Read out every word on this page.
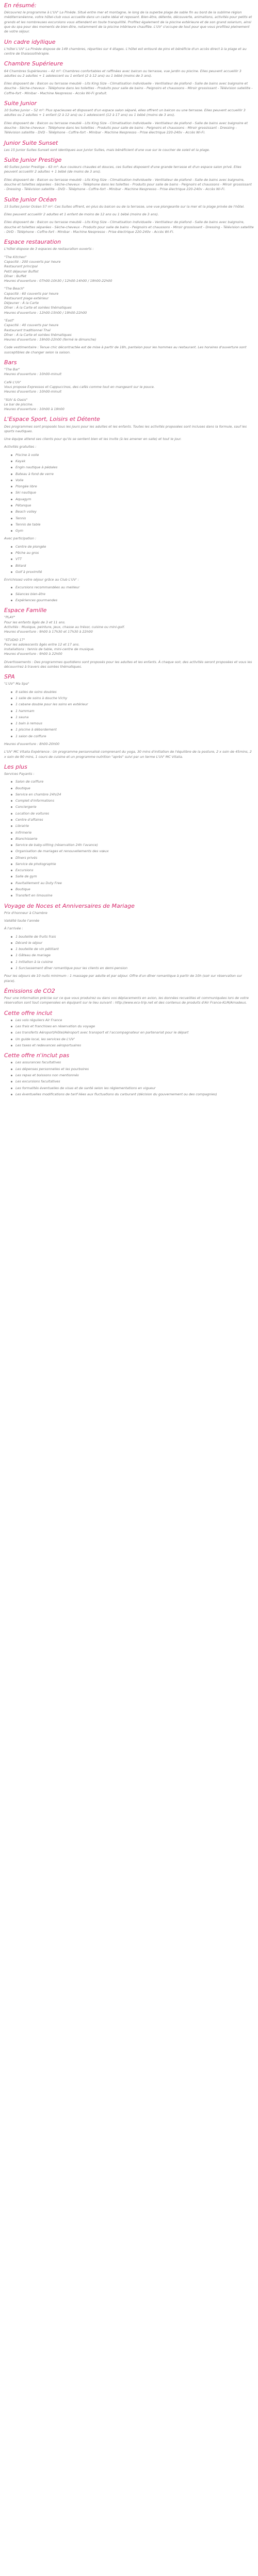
En résumé:
Découvrez le programme à L'UV' La Pinède. Situé entre mer et montagne, le long de la superbe plage de sable fin au bord de la sublime région méditerranéenne, votre hôtel-club vous accueille dans un cadre idéal et reposant. Bien-être, détente, découverte, animations, activités pour petits et grands et les nombreuses excursions vous attendent en toute tranquillité. Profitez également de la piscine extérieure et de son grand solarium, ainsi que du spa pour des moments de bien-être, notamment de la piscine intérieure chauffée. L'UV' s'occupe de tout pour que vous profitiez pleinement de votre séjour.
Un cadre idyllique
L'hôtel L'UV' La Pinède dispose de 149 chambres, réparties sur 4 étages. L'hôtel est entouré de pins et bénéficie d'un accès direct à la plage et au centre de thalassothérapie.
Chambre Supérieure
64 Chambres Supérieures – 42 m²: Chambres confortables et raffinées avec balcon ou terrasse, vue jardin ou piscine. Elles peuvent accueillir 3 adultes ou 2 adultes + 1 adolescent ou 1 enfant (2 à 12 ans) ou 1 bébé (moins de 3 ans).
Elles disposent de : Balcon ou terrasse meublé - Lits King Size - Climatisation individuelle - Ventilateur de plafond - Salle de bains avec baignoire et douche - Sèche-cheveux - Téléphone dans les toilettes - Produits pour salle de bains - Peignoirs et chaussons - Miroir grossissant - Télévision satellite - Coffre-fort - Minibar - Machine Nespresso - Accès Wi-Fi gratuit.
Suite Junior
10 Suites Junior – 52 m²: Plus spacieuses et disposant d'un espace salon séparé, elles offrent un balcon ou une terrasse. Elles peuvent accueillir 3 adultes ou 2 adultes + 1 enfant (2 à 12 ans) ou 1 adolescent (12 à 17 ans) ou 1 bébé (moins de 3 ans).
Elles disposent de : Balcon ou terrasse meublé - Lits King Size - Climatisation individuelle - Ventilateur de plafond - Salle de bains avec baignoire et douche - Sèche-cheveux - Téléphone dans les toilettes - Produits pour salle de bains - Peignoirs et chaussons - Miroir grossissant - Dressing - Télévision satellite - DVD - Téléphone - Coffre-fort - Minibar - Machine Nespresso - Prise électrique 220-240v - Accès Wi-Fi.
Junior Suite Sunset
Les 15 Junior Suites Sunset sont identiques aux Junior Suites, mais bénéficient d'une vue sur le coucher de soleil et la plage.
Suite Junior Prestige
40 Suites Junior Prestige – 63 m²: Aux couleurs chaudes et douces, ces Suites disposent d'une grande terrasse et d'un espace salon privé. Elles peuvent accueillir 2 adultes + 1 bébé (de moins de 3 ans).
Elles disposent de : Balcon ou terrasse meublé - Lits King Size - Climatisation individuelle - Ventilateur de plafond - Salle de bains avec baignoire, douche et toilettes séparées - Sèche-cheveux - Téléphone dans les toilettes - Produits pour salle de bains - Peignoirs et chaussons - Miroir grossissant - Dressing - Télévision satellite - DVD - Téléphone - Coffre-fort - Minibar - Machine Nespresso - Prise électrique 220-240v - Accès Wi-Fi.
Suite Junior Océan
15 Suites Junior Océan 57 m²: Ces Suites offrent, en plus du balcon ou de la terrasse, une vue plongeante sur la mer et la plage privée de l'hôtel.
Elles peuvent accueillir 2 adultes et 1 enfant de moins de 12 ans ou 1 bébé (moins de 3 ans).
Elles disposent de : Balcon ou terrasse meublé - Lits King Size - Climatisation individuelle - Ventilateur de plafond - Salle de bains avec baignoire, douche et toilettes séparées - Sèche-cheveux - Produits pour salle de bains - Peignoirs et chaussons - Miroir grossissant - Dressing - Télévision satellite - DVD - Téléphone - Coffre-fort - Minibar - Machine Nespresso - Prise électrique 220-240v - Accès Wi-Fi.
Espace restauration
L'hôtel dispose de 3 espaces de restauration ouverts :
"The Kitchen"
Capacité : 200 couverts par heure
Restaurant principal
Petit déjeuner Buffet
Dîner : Buffet
Heures d'ouverture : 07h00-10h30 / 12h00-14h00 / 19h00-22h00
"The Beach"
Capacité : 60 couverts par heure
Restaurant plage extérieur
Déjeuner : À la Carte
Dîner : À la Carte et soirées thématiques
Heures d'ouverture : 12h00-15h00 / 19h00-22h00
"East"
Capacité : 40 couverts par heure
Restaurant traditionnel Thaï
Dîner : À la Carte et soirées thématiques
Heures d'ouverture : 19h00-22h00 (fermé le dimanche)
Code vestimentaire : Tenue chic décontractée est de mise à partir de 18h, pantalon pour les hommes au restaurant. Les horaires d'ouverture sont susceptibles de changer selon la saison.
Bars
"The Bar"
Heures d'ouverture : 10h00-minuit
Café L'UV'
Vous propose Expressos et Cappuccinos, des cafés comme tout en mangeant sur le pouce.
Heures d'ouverture : 10h00-minuit
"SUV & Oasis"
Le bar de piscine.
Heures d'ouverture : 10h00 à 19h00
L'Espace Sport, Loisirs et Détente
Des programmes sont proposés tous les jours pour les adultes et les enfants. Toutes les activités proposées sont incluses dans la formule, sauf les sports nautiques.
Une équipe attend ses clients pour qu'ils se sentent bien et les invite (à les amener en salle) et tout le jour.
Activités gratuites :
Piscine à voile
Kayak
Engin nautique à pédales
Bateau à fond de verre
Voile
Plongée libre
Ski nautique
Aquagym
Pétanque
Beach volley
Tennis
Tennis de table
Gym
Avec participation :
Centre de plongée
Pêche au gros
VTT
Billard
Golf à proximité
Enrichissez votre séjour grâce au Club L'UV' :
Excursions recommandées au meilleur
Séances bien-être
Expériences gourmandes
Espace Famille
"PLAY"
Pour les enfants âgés de 3 et 11 ans.
Activités : Musique, peinture, jeux, chasse au trésor, cuisine ou mini-golf.
Heures d'ouverture : 9h00 à 17h30 et 17h30 à 22h00
"STUDIO 17"
Pour les adolescents âgés entre 12 et 17 ans.
Installations : tennis de table, mini-centre de musique.
Heures d'ouverture : 9h00 à 22h00
Divertissements : Des programmes quotidiens sont proposés pour les adultes et les enfants. À chaque soir, des activités seront proposées et vous les découvrirez à travers des soirées thématiques.
SPA
"L'UV" Ma Spa"
8 salles de soins doubles
1 salle de soins à douche Vichy
1 cabane double pour les soins en extérieur
1 hammam
1 sauna
1 bain à remous
1 piscine à débordement
1 salon de coiffure
Heures d'ouverture : 8h00-20h00
L'UV' MC Vitalia Expérience : Un programme personnalisé comprenant du yoga, 30 mins d'initiation de l'équilibre de la posture, 2 x soin de 45mins, 2 x soin de 90 mins, 1 cours de cuisine et un programme nutrition "après" suivi par un terme L'UV' MC Vitalia.
Les plus
Services Payants :
Salon de coiffure
Boutique
Service en chambre 24h/24
Complet d'informations
Conciergerie
Location de voitures
Centre d'affaires
Librairie
Infirmerie
Blanchisserie
Service de baby-sitting (réservation 24h l'avance)
Organisation de mariages et renouvellements des vœux
Dîners privés
Service de photographie
Excursions
Salle de gym
Ravitaillement au Duty Free
Boutique
Transfert en limousine
Voyage de Noces et Anniversaires de Mariage
Prix d'honneur à Chambre
Validité toute l'année
À l'arrivée :
1 bouteille de fruits frais
Décoré le séjour
1 bouteille de vin pétillant
1 Gâteau de mariage
1 initiation à la cuisine
1 Surclassement dîner romantique pour les clients en demi-pension
Pour les séjours de 10 nuits minimum : 1 massage par adulte et par séjour. Offre d'un dîner romantique à partir de 10h (soir sur réservation sur place).
Émissions de CO2
Pour une information précise sur ce que vous produirez ou dans vos déplacements en avion, les données recueillies et communiquées lors de votre réservation sont tout compensées en équipant sur le lieu suivant : http://www.eco-trip.net et des contenus de produits d'Air France-KLM/Amadeus.
Cette offre inclut
Les vols réguliers Air France
Les frais et franchises en réservation du voyage
Les transferts Aéroport/Hôtel/Aéroport avec transport et l'accompagnateur en partenariat pour le départ
Un guide local, les services de L'UV'
Les taxes et redevances aéroportuaires
Cette offre n'inclut pas
Les assurances facultatives
Les dépenses personnelles et les pourboires
Les repas et boissons non mentionnés
Les excursions facultatives
Les formalités éventuelles de visas et de santé selon les réglementations en vigueur
Les éventuelles modifications de tarif liées aux fluctuations du carburant (décision du gouvernement ou des compagnies)
